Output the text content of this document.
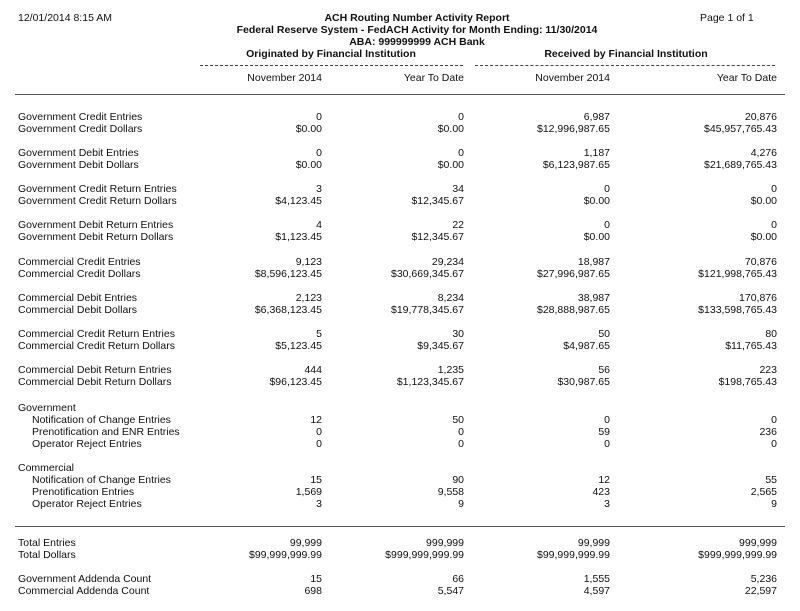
12/01/2014 8:15 AM	Page 1 of 1
ACH Routing Number Activity Report
Federal Reserve System - FedACH Activity for Month Ending: 11/30/2014
ABA: 999999999 ACH Bank
Originated by Financial Institution	Received by Financial Institution
November 2014	Year To Date	November 2014	Year To Date
Government Credit Entries	0	0	6,987	20,876
Government Credit Dollars	$0.00	$0.00	$12,996,987.65	$45,957,765.43
Government Debit Entries	0	0	1,187	4,276
Government Debit Dollars	$0.00	$0.00	$6,123,987.65	$21,689,765.43
Government Credit Return Entries	3	34	0	0
Government Credit Return Dollars	$4,123.45	$12,345.67	$0.00	$0.00
Government Debit Return Entries	4	22	0	0
Government Debit Return Dollars	$1,123.45	$12,345.67	$0.00	$0.00
Commercial Credit Entries	9,123	29,234	18,987	70,876
Commercial Credit Dollars	$8,596,123.45	$30,669,345.67	$27,996,987.65	$121,998,765.43
Commercial Debit Entries	2,123	8,234	38,987	170,876
Commercial Debit Dollars	$6,368,123.45	$19,778,345.67	$28,888,987.65	$133,598,765.43
Commercial Credit Return Entries	5	30	50	80
Commercial Credit Return Dollars	$5,123.45	$9,345.67	$4,987.65	$11,765.43
Commercial Debit Return Entries	444	1,235	56	223
Commercial Debit Return Dollars	$96,123.45	$1,123,345.67	$30,987.65	$198,765.43
Government
Notification of Change Entries	12	50	0	0
Prenotification and ENR Entries	0	0	59	236
Operator Reject Entries	0	0	0	0
Commercial
Notification of Change Entries	15	90	12	55
Prenotification Entries	1,569	9,558	423	2,565
Operator Reject Entries	3	9	3	9
Total Entries	99,999	999,999	99,999	999,999
Total Dollars	$99,999,999.99	$999,999,999.99	$99,999,999.99	$999,999,999.99
Government Addenda Count	15	66	1,555	5,236
Commercial Addenda Count	698	5,547	4,597	22,597
